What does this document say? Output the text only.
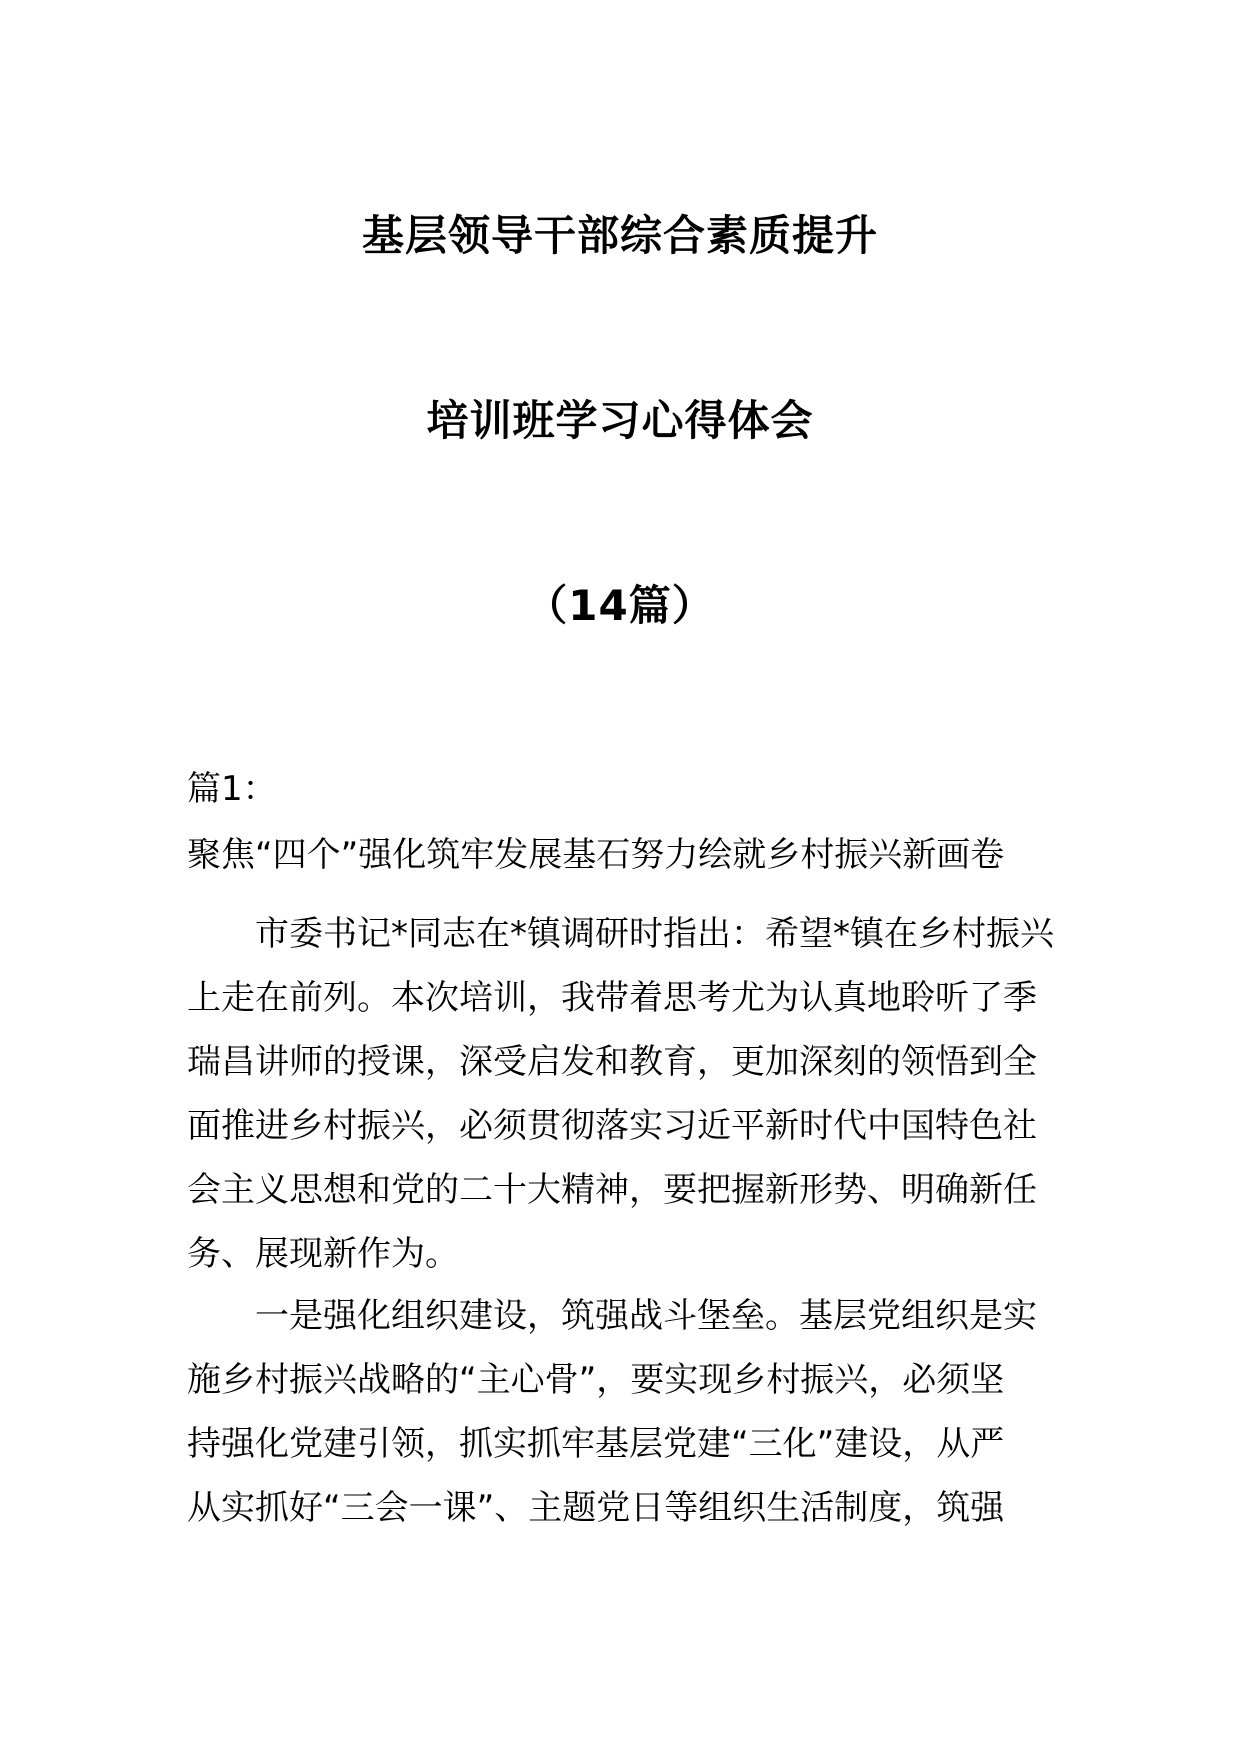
基层领导干部综合素质提升
培训班学习心得体会
（14篇）
篇1：
聚焦“四个”强化筑牢发展基石努力绘就乡村振兴新画卷
市委书记*同志在*镇调研时指出：希望*镇在乡村振兴
上走在前列。本次培训，我带着思考尤为认真地聆听了季
瑞昌讲师的授课，深受启发和教育，更加深刻的领悟到全
面推进乡村振兴，必须贯彻落实习近平新时代中国特色社
会主义思想和党的二十大精神，要把握新形势、明确新任
务、展现新作为。
一是强化组织建设，筑强战斗堡垒。基层党组织是实
施乡村振兴战略的“主心骨”，要实现乡村振兴，必须坚
持强化党建引领，抓实抓牢基层党建“三化”建设，从严
从实抓好“三会一课”、主题党日等组织生活制度，筑强
